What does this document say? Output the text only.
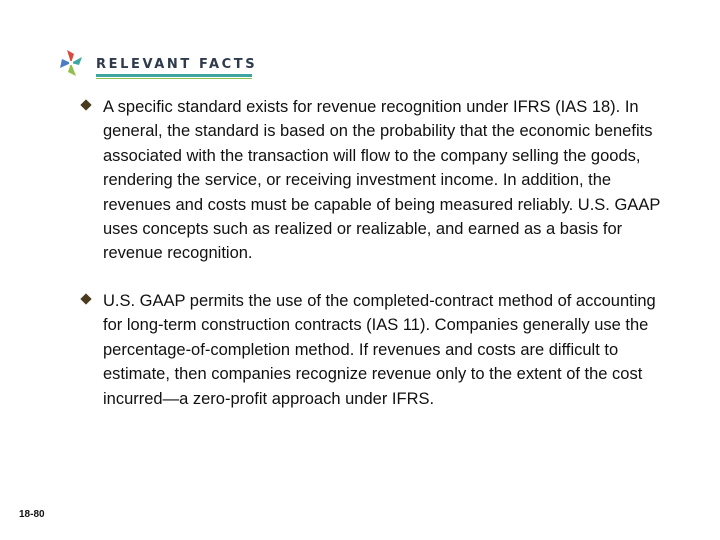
RELEVANT FACTS

A specific standard exists for revenue recognition under IFRS (IAS 18). In general, the standard is based on the probability that the economic benefits associated with the transaction will flow to the company selling the goods, rendering the service, or receiving investment income. In addition, the revenues and costs must be capable of being measured reliably. U.S. GAAP uses concepts such as realized or realizable, and earned as a basis for revenue recognition.

U.S. GAAP permits the use of the completed-contract method of accounting for long-term construction contracts (IAS 11). Companies generally use the percentage-of-completion method. If revenues and costs are difficult to estimate, then companies recognize revenue only to the extent of the cost incurred—a zero-profit approach under IFRS.

18-80
